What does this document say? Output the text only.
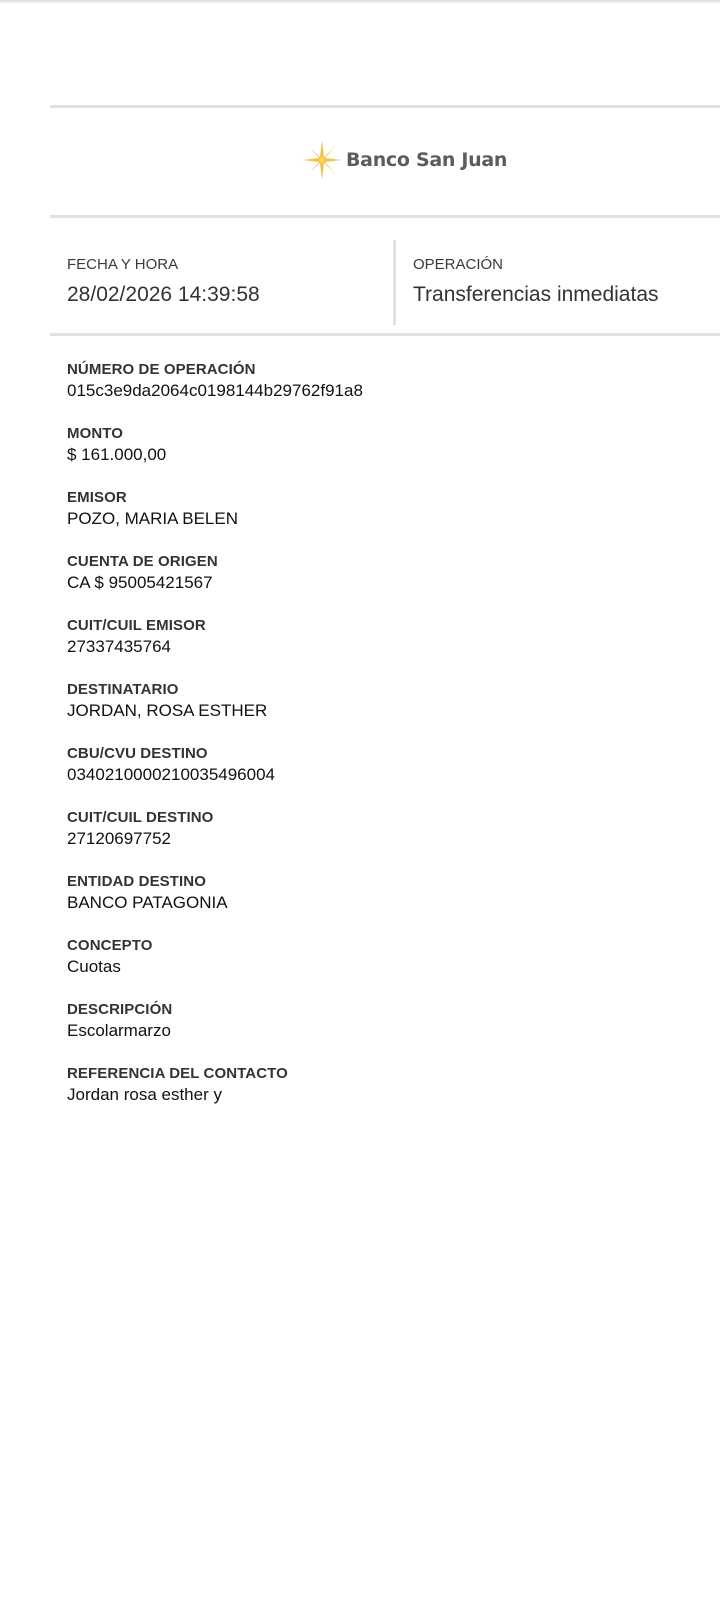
Banco San Juan
FECHA Y HORA
28/02/2026 14:39:58
OPERACIÓN
Transferencias inmediatas
NÚMERO DE OPERACIÓN
015c3e9da2064c0198144b29762f91a8
MONTO
$ 161.000,00
EMISOR
POZO, MARIA BELEN
CUENTA DE ORIGEN
CA $ 95005421567
CUIT/CUIL EMISOR
27337435764
DESTINATARIO
JORDAN, ROSA ESTHER
CBU/CVU DESTINO
0340210000210035496004
CUIT/CUIL DESTINO
27120697752
ENTIDAD DESTINO
BANCO PATAGONIA
CONCEPTO
Cuotas
DESCRIPCIÓN
Escolarmarzo
REFERENCIA DEL CONTACTO
Jordan rosa esther y
